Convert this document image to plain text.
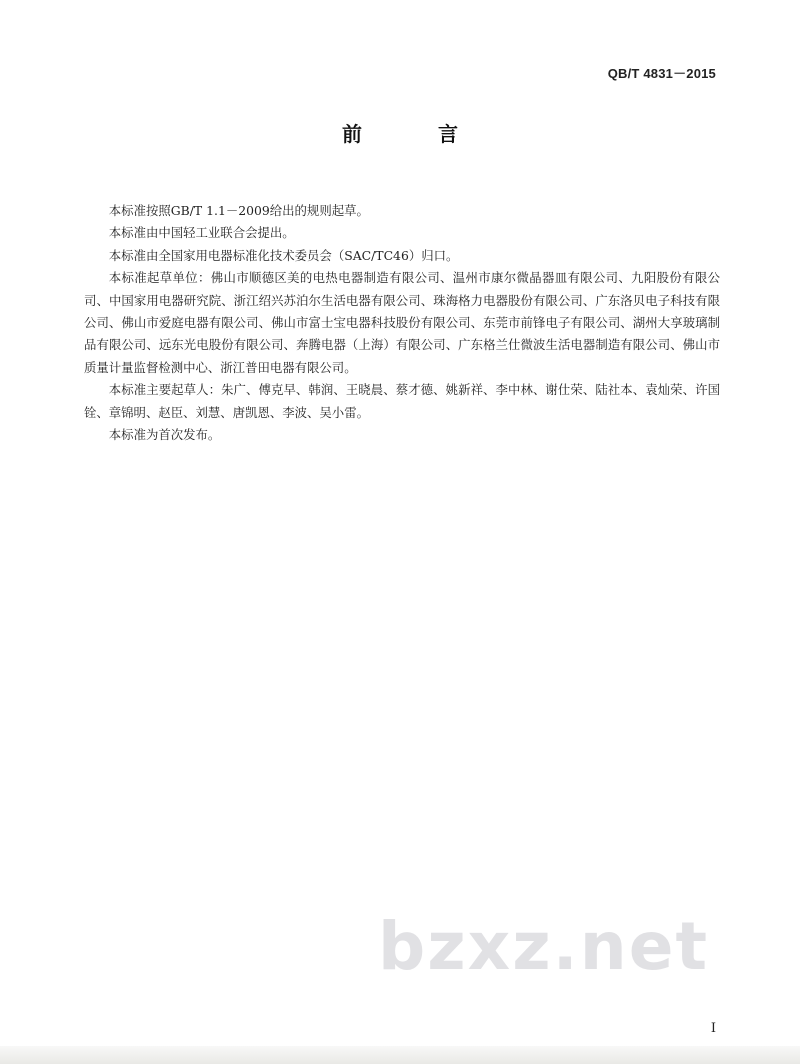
QB/T 4831－2015
前　言

本标准按照GB/T 1.1－2009给出的规则起草。

本标准由中国轻工业联合会提出。

本标准由全国家用电器标准化技术委员会（SAC/TC46）归口。

本标准起草单位：佛山市顺德区美的电热电器制造有限公司、温州市康尔微晶器皿有限公司、九阳股份有限公司、中国家用电器研究院、浙江绍兴苏泊尔生活电器有限公司、珠海格力电器股份有限公司、广东洛贝电子科技有限公司、佛山市爱庭电器有限公司、佛山市富士宝电器科技股份有限公司、东莞市前锋电子有限公司、湖州大享玻璃制品有限公司、远东光电股份有限公司、奔腾电器（上海）有限公司、广东格兰仕微波生活电器制造有限公司、佛山市质量计量监督检测中心、浙江普田电器有限公司。

本标准主要起草人：朱广、傅克早、韩润、王晓晨、蔡才德、姚新祥、李中林、谢仕荣、陆社本、袁灿荣、许国铨、章锦明、赵臣、刘慧、唐凯恩、李波、吴小雷。

本标准为首次发布。

bzxz.net
I
